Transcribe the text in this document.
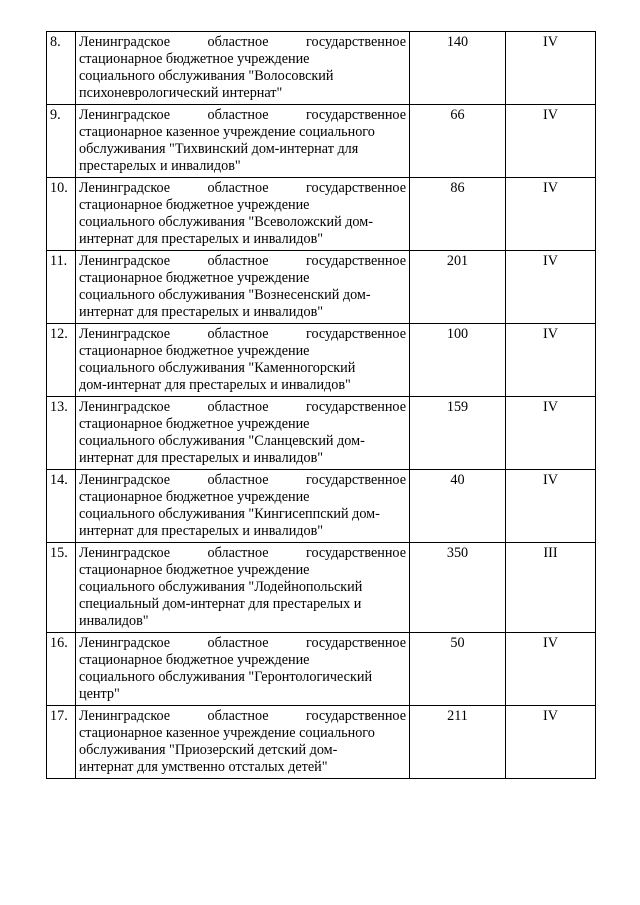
8.	Ленинградское областное государственное
стационарное бюджетное учреждение
социального обслуживания "Волосовский
психоневрологический интернат"	140	IV
9.	Ленинградское областное государственное
стационарное казенное учреждение социального
обслуживания "Тихвинский дом-интернат для
престарелых и инвалидов"	66	IV
10.	Ленинградское областное государственное
стационарное бюджетное учреждение
социального обслуживания "Всеволожский дом-
интернат для престарелых и инвалидов"	86	IV
11.	Ленинградское областное государственное
стационарное бюджетное учреждение
социального обслуживания "Вознесенский дом-
интернат для престарелых и инвалидов"	201	IV
12.	Ленинградское областное государственное
стационарное бюджетное учреждение
социального обслуживания "Каменногорский
дом-интернат для престарелых и инвалидов"	100	IV
13.	Ленинградское областное государственное
стационарное бюджетное учреждение
социального обслуживания "Сланцевский дом-
интернат для престарелых и инвалидов"	159	IV
14.	Ленинградское областное государственное
стационарное бюджетное учреждение
социального обслуживания "Кингисеппский дом-
интернат для престарелых и инвалидов"	40	IV
15.	Ленинградское областное государственное
стационарное бюджетное учреждение
социального обслуживания "Лодейнопольский
специальный дом-интернат для престарелых и
инвалидов"	350	III
16.	Ленинградское областное государственное
стационарное бюджетное учреждение
социального обслуживания "Геронтологический
центр"	50	IV
17.	Ленинградское областное государственное
стационарное казенное учреждение социального
обслуживания "Приозерский детский дом-
интернат для умственно отсталых детей"	211	IV
